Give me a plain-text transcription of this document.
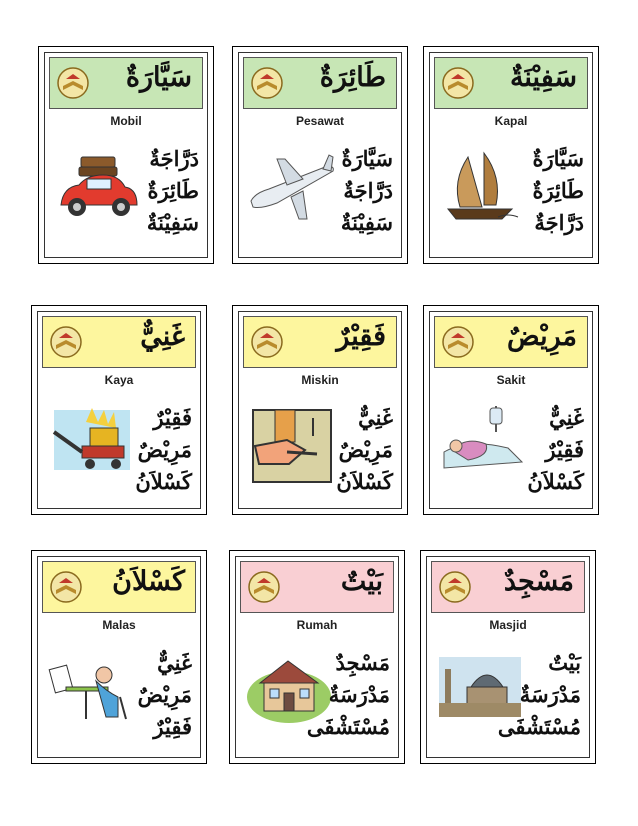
سَيَّارَةٌ
Mobil
دَرَّاجَةٌ
طَائِرَةٌ
سَفِيْنَةٌ
طَائِرَةٌ
Pesawat
سَيَّارَةٌ
دَرَّاجَةٌ
سَفِيْنَةٌ
سَفِيْنَةٌ
Kapal
سَيَّارَةٌ
طَائِرَةٌ
دَرَّاجَةٌ
غَنِيٌّ
Kaya
فَقِيْرٌ
مَرِيْضٌ
كَسْلاَنُ
فَقِيْرٌ
Miskin
غَنِيٌّ
مَرِيْضٌ
كَسْلاَنُ
مَرِيْضٌ
Sakit
غَنِيٌّ
فَقِيْرٌ
كَسْلاَنُ
كَسْلاَنُ
Malas
غَنِيٌّ
مَرِيْضٌ
فَقِيْرٌ
بَيْتٌ
Rumah
مَسْجِدٌ
مَدْرَسَةٌ
مُسْتَشْفَى
مَسْجِدٌ
Masjid
بَيْتٌ
مَدْرَسَةٌ
مُسْتَشْفَى
